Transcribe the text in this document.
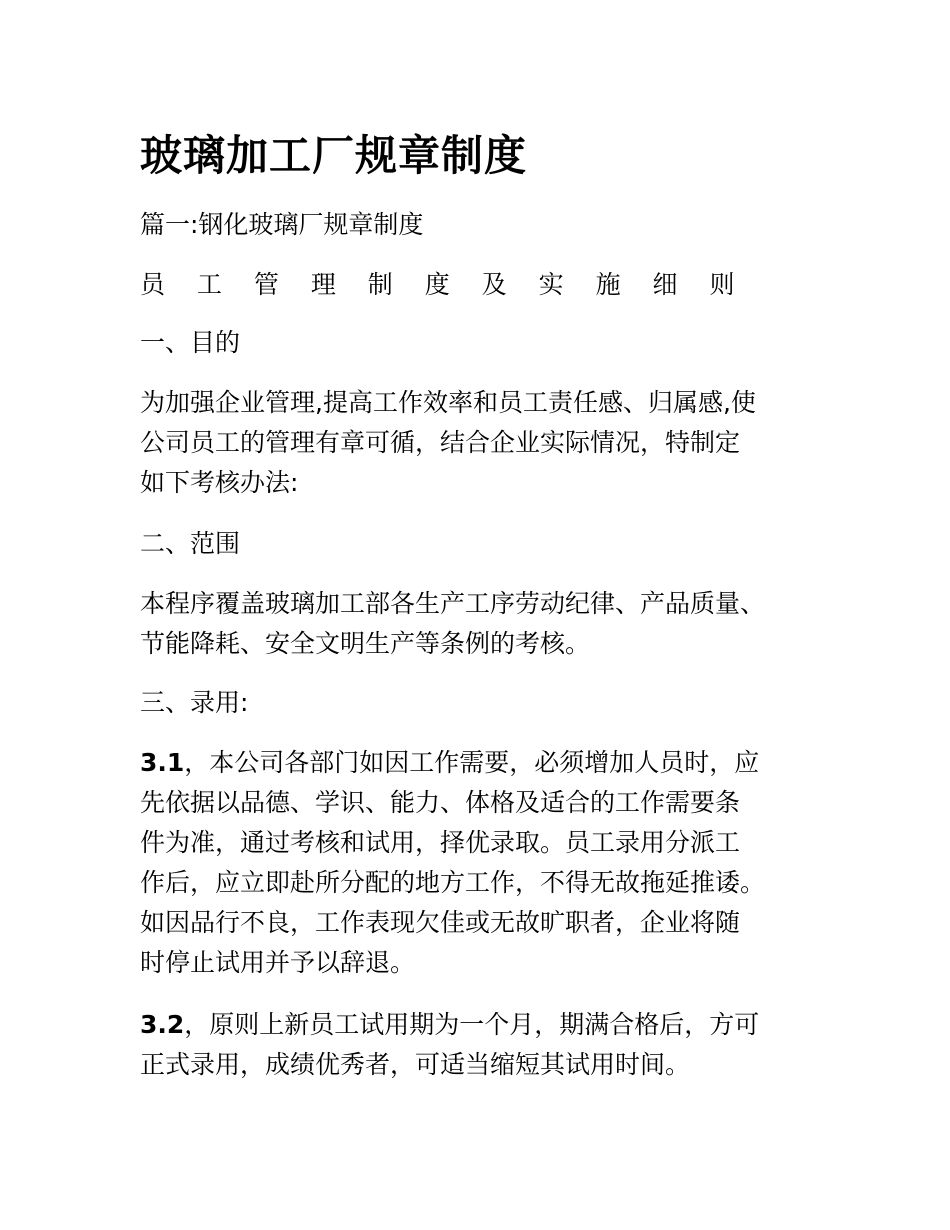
玻璃加工厂规章制度

篇一:钢化玻璃厂规章制度

员 工 管 理 制 度 及 实 施 细 则

一、目的

为加强企业管理,提高工作效率和员工责任感、归属感,使
公司员工的管理有章可循，结合企业实际情况，特制定
如下考核办法:

二、范围

本程序覆盖玻璃加工部各生产工序劳动纪律、产品质量、
节能降耗、安全文明生产等条例的考核。

三、录用:

3.1，本公司各部门如因工作需要，必须增加人员时，应
先依据以品德、学识、能力、体格及适合的工作需要条
件为准，通过考核和试用，择优录取。员工录用分派工
作后，应立即赴所分配的地方工作，不得无故拖延推诿。
如因品行不良，工作表现欠佳或无故旷职者，企业将随
时停止试用并予以辞退。
3.2，原则上新员工试用期为一个月，期满合格后，方可
正式录用，成绩优秀者，可适当缩短其试用时间。
